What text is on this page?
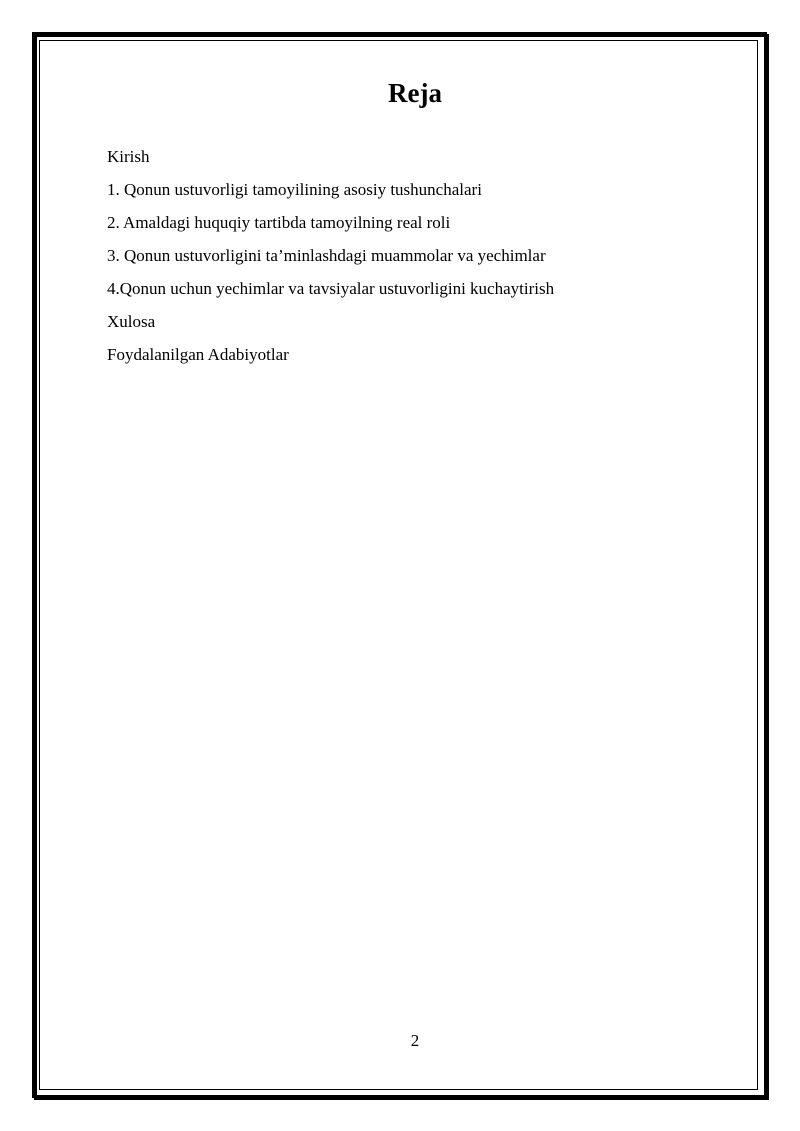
Reja
Kirish
1. Qonun ustuvorligi tamoyilining asosiy tushunchalari
2. Amaldagi huquqiy tartibda tamoyilning real roli
3. Qonun ustuvorligini ta’minlashdagi muammolar va yechimlar
4.Qonun uchun yechimlar va tavsiyalar ustuvorligini kuchaytirish
Xulosa
Foydalanilgan Adabiyotlar
2
